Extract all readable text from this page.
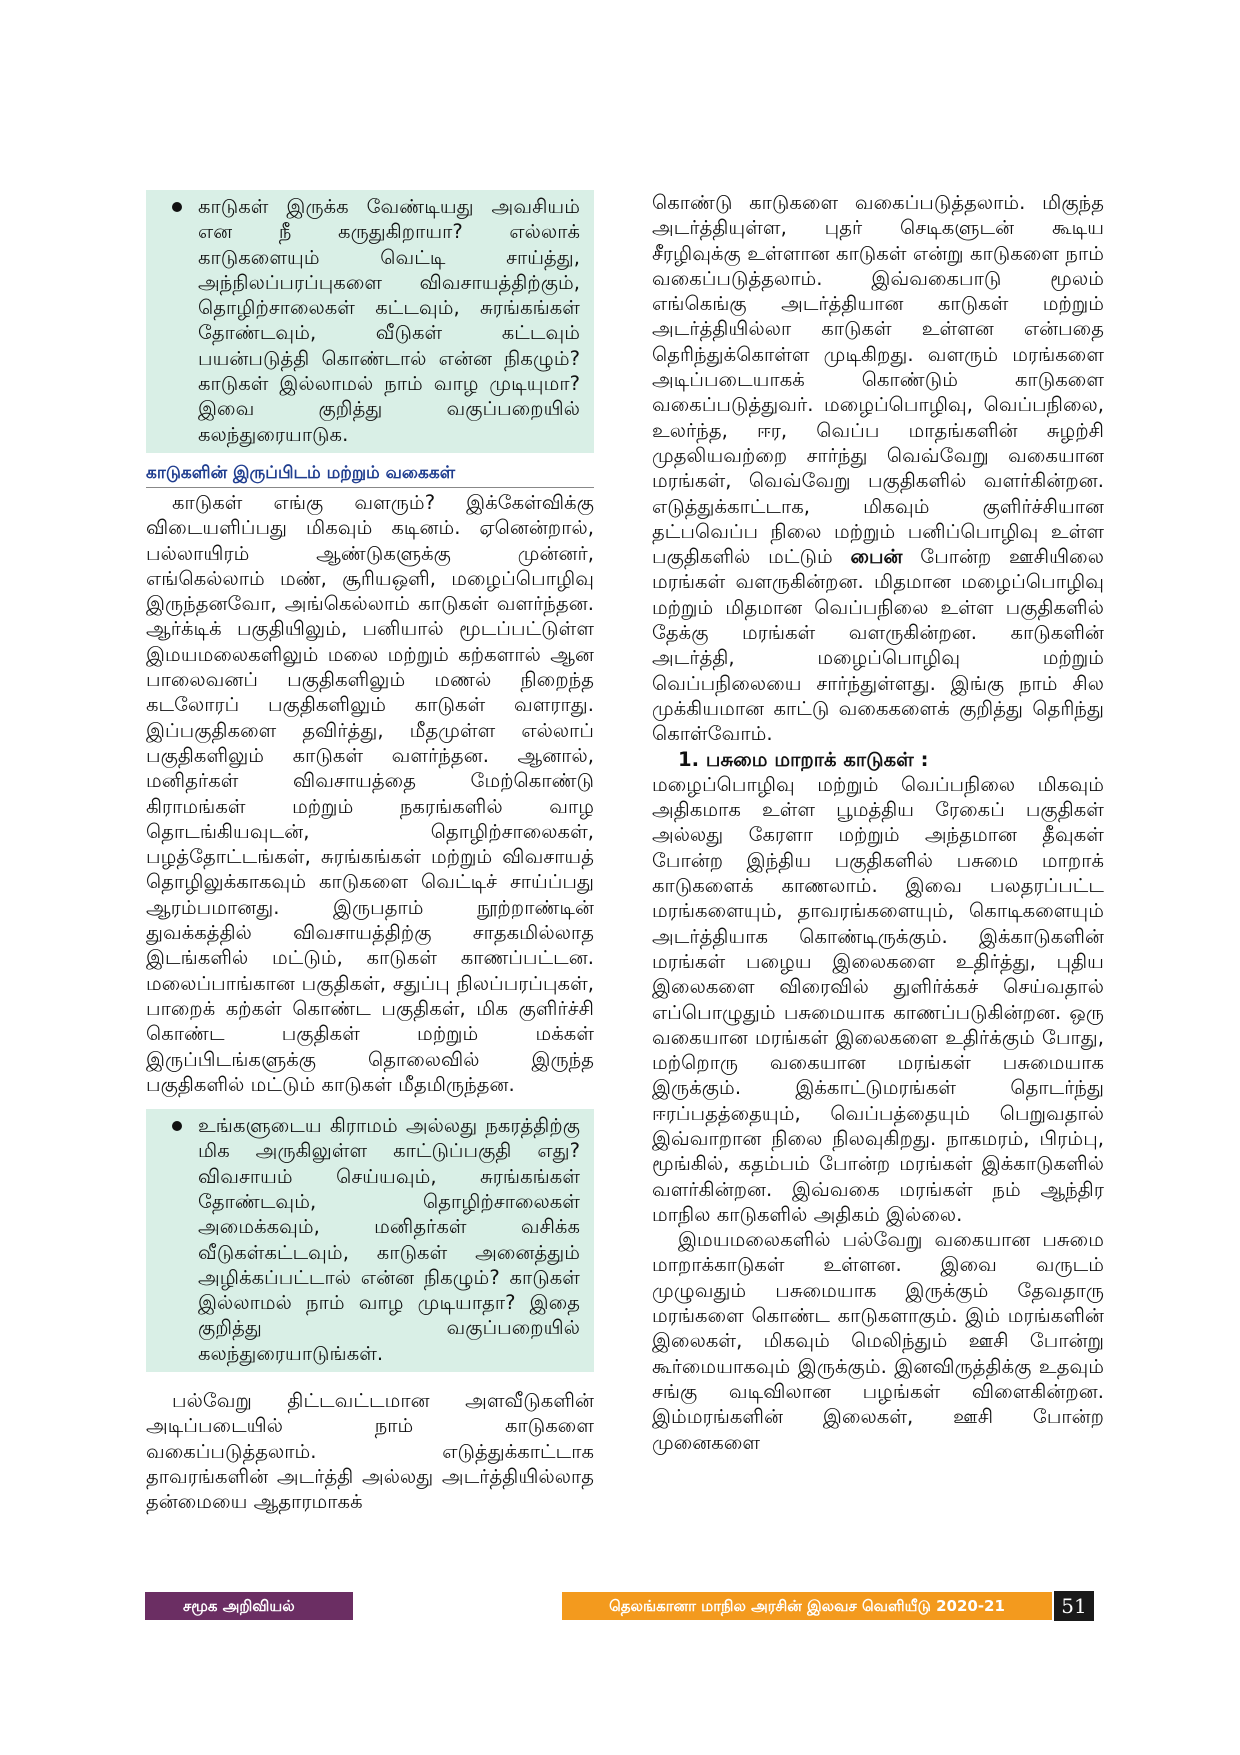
காடுகள் இருக்க வேண்டியது அவசியம் என நீ கருதுகிறாயா? எல்லாக் காடுகளையும் வெட்டி சாய்த்து, அந்நிலப்பரப்புகளை விவசாயத்திற்கும், தொழிற்சாலைகள் கட்டவும், சுரங்கங்கள் தோண்டவும், வீடுகள் கட்டவும் பயன்படுத்தி கொண்டால் என்ன நிகழும்? காடுகள் இல்லாமல் நாம் வாழ முடியுமா? இவை குறித்து வகுப்பறையில் கலந்துரையாடுக.

காடுகளின் இருப்பிடம் மற்றும் வகைகள்

காடுகள் எங்கு வளரும்? இக்கேள்விக்கு விடையளிப்பது மிகவும் கடினம். ஏனென்றால், பல்லாயிரம் ஆண்டுகளுக்கு முன்னர், எங்கெல்லாம் மண், சூரியஒளி, மழைப்பொழிவு இருந்தனவோ, அங்கெல்லாம் காடுகள் வளர்ந்தன. ஆர்க்டிக் பகுதியிலும், பனியால் மூடப்பட்டுள்ள இமயமலைகளிலும் மலை மற்றும் கற்களால் ஆன பாலைவனப் பகுதிகளிலும் மணல் நிறைந்த கடலோரப் பகுதிகளிலும் காடுகள் வளராது. இப்பகுதிகளை தவிர்த்து, மீதமுள்ள எல்லாப் பகுதிகளிலும் காடுகள் வளர்ந்தன. ஆனால், மனிதர்கள் விவசாயத்தை மேற்கொண்டு கிராமங்கள் மற்றும் நகரங்களில் வாழ தொடங்கியவுடன், தொழிற்சாலைகள், பழத்தோட்டங்கள், சுரங்கங்கள் மற்றும் விவசாயத் தொழிலுக்காகவும் காடுகளை வெட்டிச் சாய்ப்பது ஆரம்பமானது. இருபதாம் நூற்றாண்டின் துவக்கத்தில் விவசாயத்திற்கு சாதகமில்லாத இடங்களில் மட்டும், காடுகள் காணப்பட்டன. மலைப்பாங்கான பகுதிகள், சதுப்பு நிலப்பரப்புகள், பாறைக் கற்கள் கொண்ட பகுதிகள், மிக குளிர்ச்சி கொண்ட பகுதிகள் மற்றும் மக்கள் இருப்பிடங்களுக்கு தொலைவில் இருந்த பகுதிகளில் மட்டும் காடுகள் மீதமிருந்தன.

உங்களுடைய கிராமம் அல்லது நகரத்திற்கு மிக அருகிலுள்ள காட்டுப்பகுதி எது? விவசாயம் செய்யவும், சுரங்கங்கள் தோண்டவும், தொழிற்சாலைகள் அமைக்கவும், மனிதர்கள் வசிக்க வீடுகள்கட்டவும், காடுகள் அனைத்தும் அழிக்கப்பட்டால் என்ன நிகழும்? காடுகள் இல்லாமல் நாம் வாழ முடியாதா? இதை குறித்து வகுப்பறையில் கலந்துரையாடுங்கள்.

பல்வேறு திட்டவட்டமான அளவீடுகளின் அடிப்படையில் நாம் காடுகளை வகைப்படுத்தலாம். எடுத்துக்காட்டாக தாவரங்களின் அடர்த்தி அல்லது அடர்த்தியில்லாத தன்மையை ஆதாரமாகக்

கொண்டு காடுகளை வகைப்படுத்தலாம். மிகுந்த அடர்த்தியுள்ள, புதர் செடிகளுடன் கூடிய சீரழிவுக்கு உள்ளான காடுகள் என்று காடுகளை நாம் வகைப்படுத்தலாம். இவ்வகைபாடு மூலம் எங்கெங்கு அடர்த்தியான காடுகள் மற்றும் அடர்த்தியில்லா காடுகள் உள்ளன என்பதை தெரிந்துக்கொள்ள முடிகிறது. வளரும் மரங்களை அடிப்படையாகக் கொண்டும் காடுகளை வகைப்படுத்துவர். மழைப்பொழிவு, வெப்பநிலை, உலர்ந்த, ஈர, வெப்ப மாதங்களின் சுழற்சி முதலியவற்றை சார்ந்து வெவ்வேறு வகையான மரங்கள், வெவ்வேறு பகுதிகளில் வளர்கின்றன. எடுத்துக்காட்டாக, மிகவும் குளிர்ச்சியான தட்பவெப்ப நிலை மற்றும் பனிப்பொழிவு உள்ள பகுதிகளில் மட்டும் பைன் போன்ற ஊசியிலை மரங்கள் வளருகின்றன. மிதமான மழைப்பொழிவு மற்றும் மிதமான வெப்பநிலை உள்ள பகுதிகளில் தேக்கு மரங்கள் வளருகின்றன. காடுகளின் அடர்த்தி, மழைப்பொழிவு மற்றும் வெப்பநிலையை சார்ந்துள்ளது. இங்கு நாம் சில முக்கியமான காட்டு வகைகளைக் குறித்து தெரிந்து கொள்வோம்.

1. பசுமை மாறாக் காடுகள் :

மழைப்பொழிவு மற்றும் வெப்பநிலை மிகவும் அதிகமாக உள்ள பூமத்திய ரேகைப் பகுதிகள் அல்லது கேரளா மற்றும் அந்தமான தீவுகள் போன்ற இந்திய பகுதிகளில் பசுமை மாறாக் காடுகளைக் காணலாம். இவை பலதரப்பட்ட மரங்களையும், தாவரங்களையும், கொடிகளையும் அடர்த்தியாக கொண்டிருக்கும். இக்காடுகளின் மரங்கள் பழைய இலைகளை உதிர்த்து, புதிய இலைகளை விரைவில் துளிர்க்கச் செய்வதால் எப்பொழுதும் பசுமையாக காணப்படுகின்றன. ஒரு வகையான மரங்கள் இலைகளை உதிர்க்கும் போது, மற்றொரு வகையான மரங்கள் பசுமையாக இருக்கும். இக்காட்டுமரங்கள் தொடர்ந்து ஈரப்பதத்தையும், வெப்பத்தையும் பெறுவதால் இவ்வாறான நிலை நிலவுகிறது. நாகமரம், பிரம்பு, மூங்கில், கதம்பம் போன்ற மரங்கள் இக்காடுகளில் வளர்கின்றன. இவ்வகை மரங்கள் நம் ஆந்திர மாநில காடுகளில் அதிகம் இல்லை.

இமயமலைகளில் பல்வேறு வகையான பசுமை மாறாக்காடுகள் உள்ளன. இவை வருடம் முழுவதும் பசுமையாக இருக்கும் தேவதாரு மரங்களை கொண்ட காடுகளாகும். இம் மரங்களின் இலைகள், மிகவும் மெலிந்தும் ஊசி போன்று கூர்மையாகவும் இருக்கும். இனவிருத்திக்கு உதவும் சங்கு வடிவிலான பழங்கள் விளைகின்றன. இம்மரங்களின் இலைகள், ஊசி போன்ற முனைகளை

சமூக அறிவியல்	தெலங்கானா மாநில அரசின் இலவச வெளியீடு 2020-21	51
